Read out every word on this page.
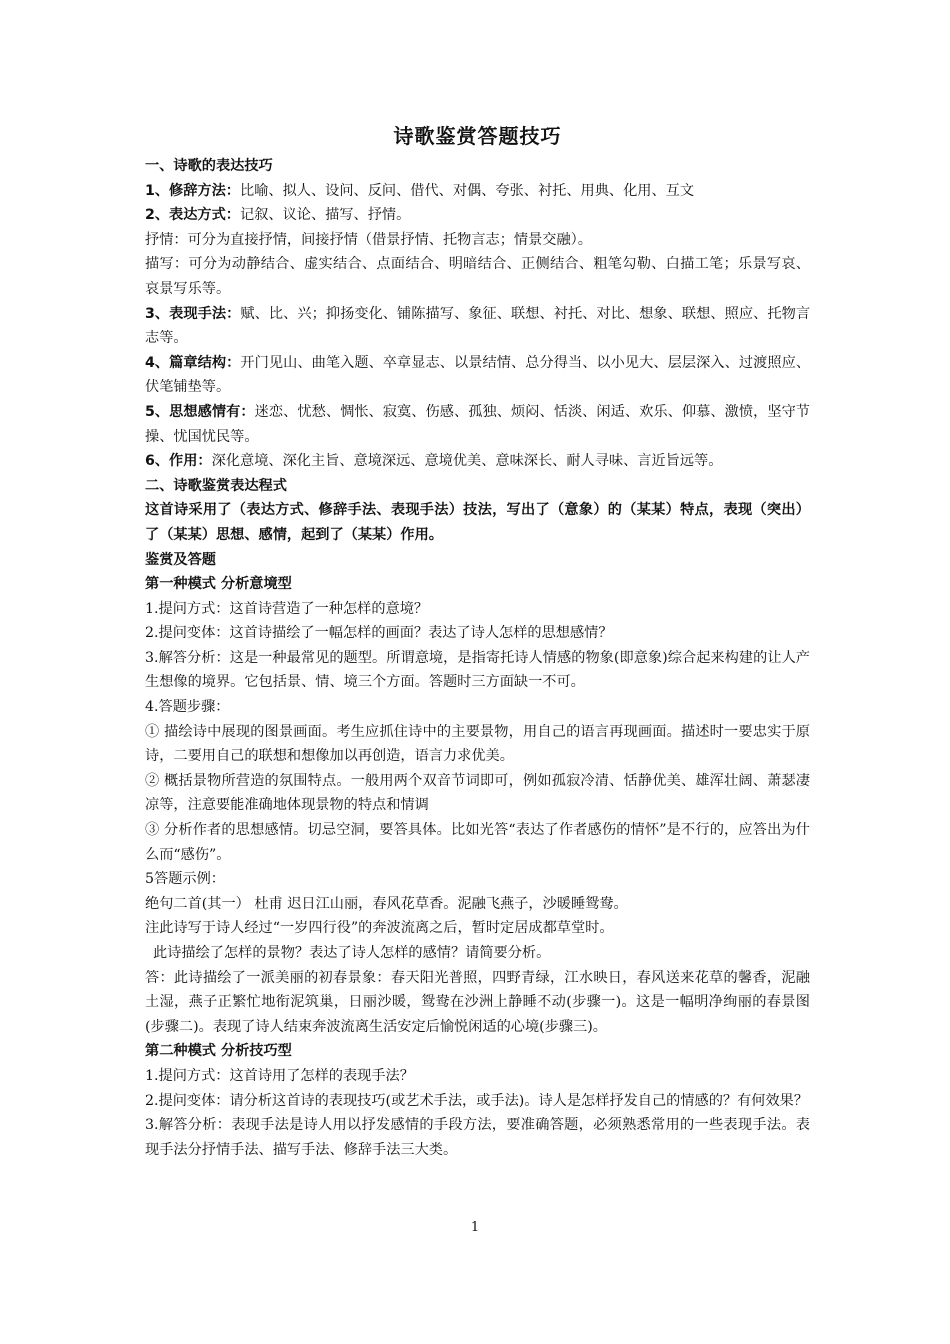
诗歌鉴赏答题技巧

一、诗歌的表达技巧

1、修辞方法：比喻、拟人、设问、反问、借代、对偶、夸张、衬托、用典、化用、互文

2、表达方式：记叙、议论、描写、抒情。

抒情：可分为直接抒情，间接抒情（借景抒情、托物言志；情景交融）。

描写：可分为动静结合、虚实结合、点面结合、明暗结合、正侧结合、粗笔勾勒、白描工笔；乐景写哀、哀景写乐等。

3、表现手法：赋、比、兴；抑扬变化、铺陈描写、象征、联想、衬托、对比、想象、联想、照应、托物言志等。

4、篇章结构：开门见山、曲笔入题、卒章显志、以景结情、总分得当、以小见大、层层深入、过渡照应、伏笔铺垫等。

5、思想感情有：迷恋、忧愁、惆怅、寂寞、伤感、孤独、烦闷、恬淡、闲适、欢乐、仰慕、激愤，坚守节操、忧国忧民等。

6、作用：深化意境、深化主旨、意境深远、意境优美、意味深长、耐人寻味、言近旨远等。

二、诗歌鉴赏表达程式

这首诗采用了（表达方式、修辞手法、表现手法）技法，写出了（意象）的（某某）特点，表现（突出）了（某某）思想、感情，起到了（某某）作用。

鉴赏及答题

第一种模式 分析意境型

1.提问方式：这首诗营造了一种怎样的意境？

2.提问变体：这首诗描绘了一幅怎样的画面？表达了诗人怎样的思想感情？

3.解答分析：这是一种最常见的题型。所谓意境，是指寄托诗人情感的物象(即意象)综合起来构建的让人产生想像的境界。它包括景、情、境三个方面。答题时三方面缺一不可。

4.答题步骤：

① 描绘诗中展现的图景画面。考生应抓住诗中的主要景物，用自己的语言再现画面。描述时一要忠实于原诗，二要用自己的联想和想像加以再创造，语言力求优美。

② 概括景物所营造的氛围特点。一般用两个双音节词即可，例如孤寂冷清、恬静优美、雄浑壮阔、萧瑟凄凉等，注意要能准确地体现景物的特点和情调

③ 分析作者的思想感情。切忌空洞，要答具体。比如光答“表达了作者感伤的情怀”是不行的，应答出为什么而“感伤”。

5答题示例：

绝句二首(其一） 杜甫 迟日江山丽，春风花草香。泥融飞燕子，沙暖睡鸳鸯。

注此诗写于诗人经过“一岁四行役”的奔波流离之后，暂时定居成都草堂时。

此诗描绘了怎样的景物？表达了诗人怎样的感情？请简要分析。

答：此诗描绘了一派美丽的初春景象：春天阳光普照，四野青绿，江水映日，春风送来花草的馨香，泥融土湿，燕子正繁忙地衔泥筑巢，日丽沙暖，鸳鸯在沙洲上静睡不动(步骤一)。这是一幅明净绚丽的春景图(步骤二)。表现了诗人结束奔波流离生活安定后愉悦闲适的心境(步骤三)。

第二种模式 分析技巧型

1.提问方式：这首诗用了怎样的表现手法？

2.提问变体：请分析这首诗的表现技巧(或艺术手法，或手法)。诗人是怎样抒发自己的情感的？有何效果？

3.解答分析：表现手法是诗人用以抒发感情的手段方法，要准确答题，必须熟悉常用的一些表现手法。表现手法分抒情手法、描写手法、修辞手法三大类。

1
